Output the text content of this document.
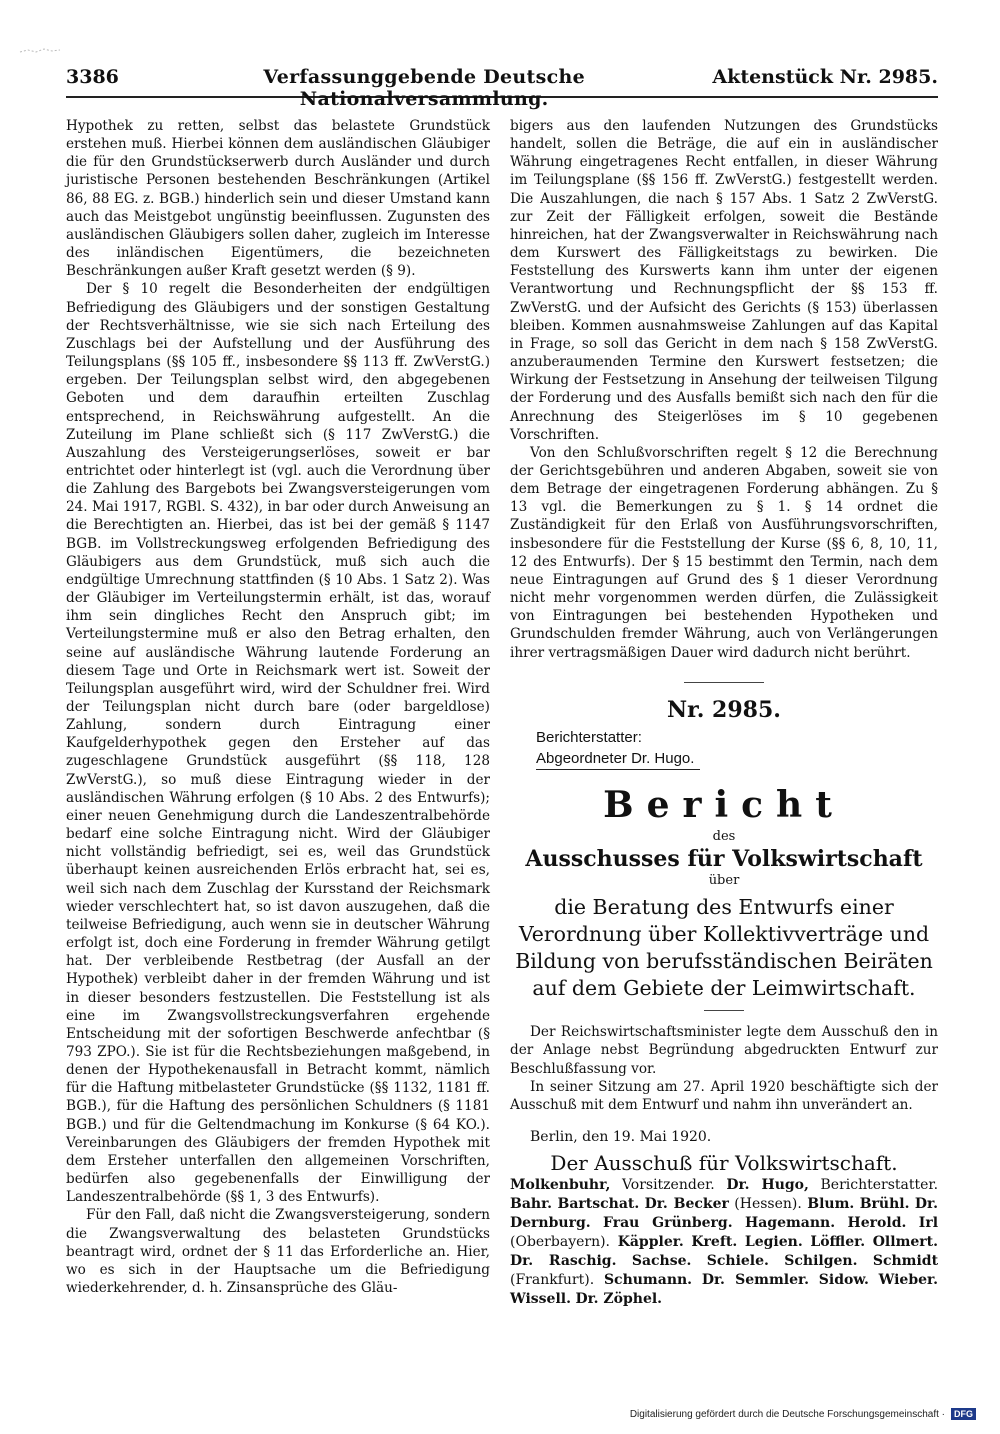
3386	Verfassunggebende Deutsche Nationalversammlung.
Aktenstück Nr. 2985.

Hypothek zu retten, selbst das belastete Grundstück erstehen muß. Hierbei können dem ausländischen Gläubiger die für den Grundstückserwerb durch Ausländer und durch juristische Personen bestehenden Beschränkungen (Artikel 86, 88 EG. z. BGB.) hinderlich sein und dieser Umstand kann auch das Meistgebot ungünstig beeinflussen. Zugunsten des ausländischen Gläubigers sollen daher, zugleich im Interesse des inländischen Eigentümers, die bezeichneten Beschränkungen außer Kraft gesetzt werden (§ 9).

Der § 10 regelt die Besonderheiten der endgültigen Befriedigung des Gläubigers und der sonstigen Gestaltung der Rechtsverhältnisse, wie sie sich nach Erteilung des Zuschlags bei der Aufstellung und der Ausführung des Teilungsplans (§§ 105 ff., insbesondere §§ 113 ff. ZwVerstG.) ergeben. Der Teilungsplan selbst wird, den abgegebenen Geboten und dem daraufhin erteilten Zuschlag entsprechend, in Reichswährung aufgestellt. An die Zuteilung im Plane schließt sich (§ 117 ZwVerstG.) die Auszahlung des Versteigerungserlöses, soweit er bar entrichtet oder hinterlegt ist (vgl. auch die Verordnung über die Zahlung des Bargebots bei Zwangsversteigerungen vom 24. Mai 1917, RGBl. S. 432), in bar oder durch Anweisung an die Berechtigten an. Hierbei, das ist bei der gemäß § 1147 BGB. im Vollstreckungsweg erfolgenden Befriedigung des Gläubigers aus dem Grundstück, muß sich auch die endgültige Umrechnung stattfinden (§ 10 Abs. 1 Satz 2). Was der Gläubiger im Verteilungstermin erhält, ist das, worauf ihm sein dingliches Recht den Anspruch gibt; im Verteilungstermine muß er also den Betrag erhalten, den seine auf ausländische Währung lautende Forderung an diesem Tage und Orte in Reichsmark wert ist. Soweit der Teilungsplan ausgeführt wird, wird der Schuldner frei. Wird der Teilungsplan nicht durch bare (oder bargeldlose) Zahlung, sondern durch Eintragung einer Kaufgelderhypothek gegen den Ersteher auf das zugeschlagene Grundstück ausgeführt (§§ 118, 128 ZwVerstG.), so muß diese Eintragung wieder in der ausländischen Währung erfolgen (§ 10 Abs. 2 des Entwurfs); einer neuen Genehmigung durch die Landeszentralbehörde bedarf eine solche Eintragung nicht. Wird der Gläubiger nicht vollständig befriedigt, sei es, weil das Grundstück überhaupt keinen ausreichenden Erlös erbracht hat, sei es, weil sich nach dem Zuschlag der Kursstand der Reichsmark wieder verschlechtert hat, so ist davon auszugehen, daß die teilweise Befriedigung, auch wenn sie in deutscher Währung erfolgt ist, doch eine Forderung in fremder Währung getilgt hat. Der verbleibende Restbetrag (der Ausfall an der Hypothek) verbleibt daher in der fremden Währung und ist in dieser besonders festzustellen. Die Feststellung ist als eine im Zwangsvollstreckungsverfahren ergehende Entscheidung mit der sofortigen Beschwerde anfechtbar (§ 793 ZPO.). Sie ist für die Rechtsbeziehungen maßgebend, in denen der Hypothekenausfall in Betracht kommt, nämlich für die Haftung mitbelasteter Grundstücke (§§ 1132, 1181 ff. BGB.), für die Haftung des persönlichen Schuldners (§ 1181 BGB.) und für die Geltendmachung im Konkurse (§ 64 KO.). Vereinbarungen des Gläubigers der fremden Hypothek mit dem Ersteher unterfallen den allgemeinen Vorschriften, bedürfen also gegebenenfalls der Einwilligung der Landeszentralbehörde (§§ 1, 3 des Entwurfs).

Für den Fall, daß nicht die Zwangsversteigerung, sondern die Zwangsverwaltung des belasteten Grundstücks beantragt wird, ordnet der § 11 das Erforderliche an. Hier, wo es sich in der Hauptsache um die Befriedigung wiederkehrender, d. h. Zinsansprüche des Gläu-

bigers aus den laufenden Nutzungen des Grundstücks handelt, sollen die Beträge, die auf ein in ausländischer Währung eingetragenes Recht entfallen, in dieser Währung im Teilungsplane (§§ 156 ff. ZwVerstG.) festgestellt werden. Die Auszahlungen, die nach § 157 Abs. 1 Satz 2 ZwVerstG. zur Zeit der Fälligkeit erfolgen, soweit die Bestände hinreichen, hat der Zwangsverwalter in Reichswährung nach dem Kurswert des Fälligkeitstags zu bewirken. Die Feststellung des Kurswerts kann ihm unter der eigenen Verantwortung und Rechnungspflicht der §§ 153 ff. ZwVerstG. und der Aufsicht des Gerichts (§ 153) überlassen bleiben. Kommen ausnahmsweise Zahlungen auf das Kapital in Frage, so soll das Gericht in dem nach § 158 ZwVerstG. anzuberaumenden Termine den Kurswert festsetzen; die Wirkung der Festsetzung in Ansehung der teilweisen Tilgung der Forderung und des Ausfalls bemißt sich nach den für die Anrechnung des Steigerlöses im § 10 gegebenen Vorschriften.

Von den Schlußvorschriften regelt § 12 die Berechnung der Gerichtsgebühren und anderen Abgaben, soweit sie von dem Betrage der eingetragenen Forderung abhängen. Zu § 13 vgl. die Bemerkungen zu § 1. § 14 ordnet die Zuständigkeit für den Erlaß von Ausführungsvorschriften, insbesondere für die Feststellung der Kurse (§§ 6, 8, 10, 11, 12 des Entwurfs). Der § 15 bestimmt den Termin, nach dem neue Eintragungen auf Grund des § 1 dieser Verordnung nicht mehr vorgenommen werden dürfen, die Zulässigkeit von Eintragungen bei bestehenden Hypotheken und Grundschulden fremder Währung, auch von Verlängerungen ihrer vertragsmäßigen Dauer wird dadurch nicht berührt.

Nr. 2985.
Berichterstatter:
Abgeordneter Dr. Hugo.
Bericht
des
Ausschusses für Volkswirtschaft
über
die Beratung des Entwurfs einer Verordnung über Kollektivverträge und Bildung von berufsständischen Beiräten auf dem Gebiete der Leimwirtschaft.

Der Reichswirtschaftsminister legte dem Ausschuß den in der Anlage nebst Begründung abgedruckten Entwurf zur Beschlußfassung vor.

In seiner Sitzung am 27. April 1920 beschäftigte sich der Ausschuß mit dem Entwurf und nahm ihn unverändert an.

Berlin, den 19. Mai 1920.
Der Ausschuß für Volkswirtschaft.
Molkenbuhr, Vorsitzender. Dr. Hugo, Berichterstatter. Bahr. Bartschat. Dr. Becker (Hessen). Blum. Brühl. Dr. Dernburg. Frau Grünberg. Hagemann. Herold. Irl (Oberbayern). Käppler. Kreft. Legien. Löffler. Ollmert. Dr. Raschig. Sachse. Schiele. Schilgen. Schmidt (Frankfurt). Schumann. Dr. Semmler. Sidow. Wieber. Wissell. Dr. Zöphel.
Digitalisierung gefördert durch die Deutsche Forschungsgemeinschaft ·	DFG
